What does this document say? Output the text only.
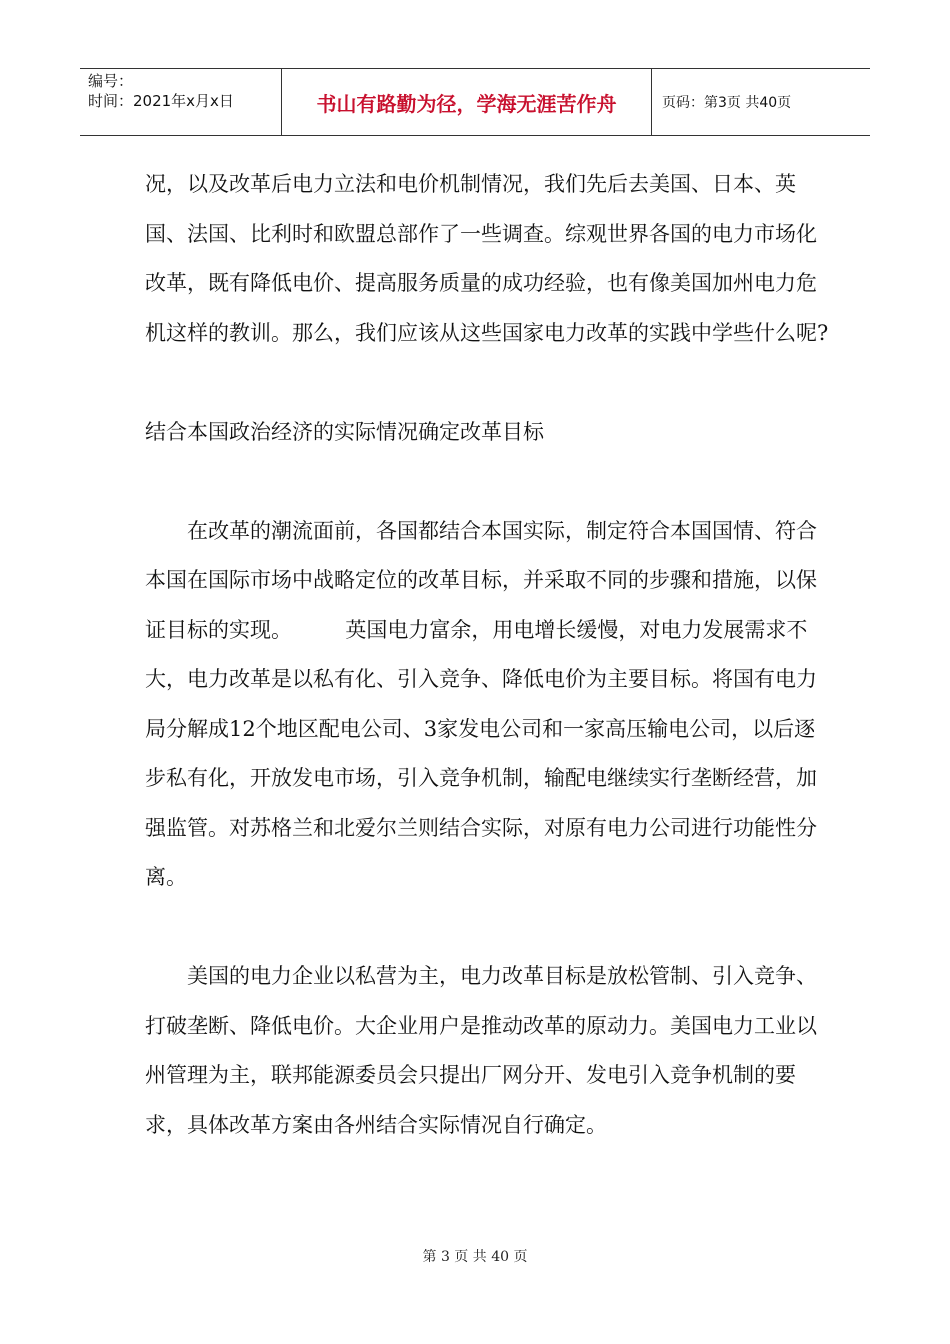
编号：
时间：2021年x月x日	书山有路勤为径，学海无涯苦作舟	页码：第3页 共40页

况，以及改革后电力立法和电价机制情况，我们先后去美国、日本、英国、法国、比利时和欧盟总部作了一些调查。综观世界各国的电力市场化改革，既有降低电价、提高服务质量的成功经验，也有像美国加州电力危机这样的教训。那么，我们应该从这些国家电力改革的实践中学些什么呢?

结合本国政治经济的实际情况确定改革目标

在改革的潮流面前，各国都结合本国实际，制定符合本国国情、符合本国在国际市场中战略定位的改革目标，并采取不同的步骤和措施，以保证目标的实现。        英国电力富余，用电增长缓慢，对电力发展需求不大，电力改革是以私有化、引入竞争、降低电价为主要目标。将国有电力局分解成12个地区配电公司、3家发电公司和一家高压输电公司，以后逐步私有化，开放发电市场，引入竞争机制，输配电继续实行垄断经营，加强监管。对苏格兰和北爱尔兰则结合实际，对原有电力公司进行功能性分离。

美国的电力企业以私营为主，电力改革目标是放松管制、引入竞争、打破垄断、降低电价。大企业用户是推动改革的原动力。美国电力工业以州管理为主，联邦能源委员会只提出厂网分开、发电引入竞争机制的要求，具体改革方案由各州结合实际情况自行确定。

第 3 页 共 40 页
